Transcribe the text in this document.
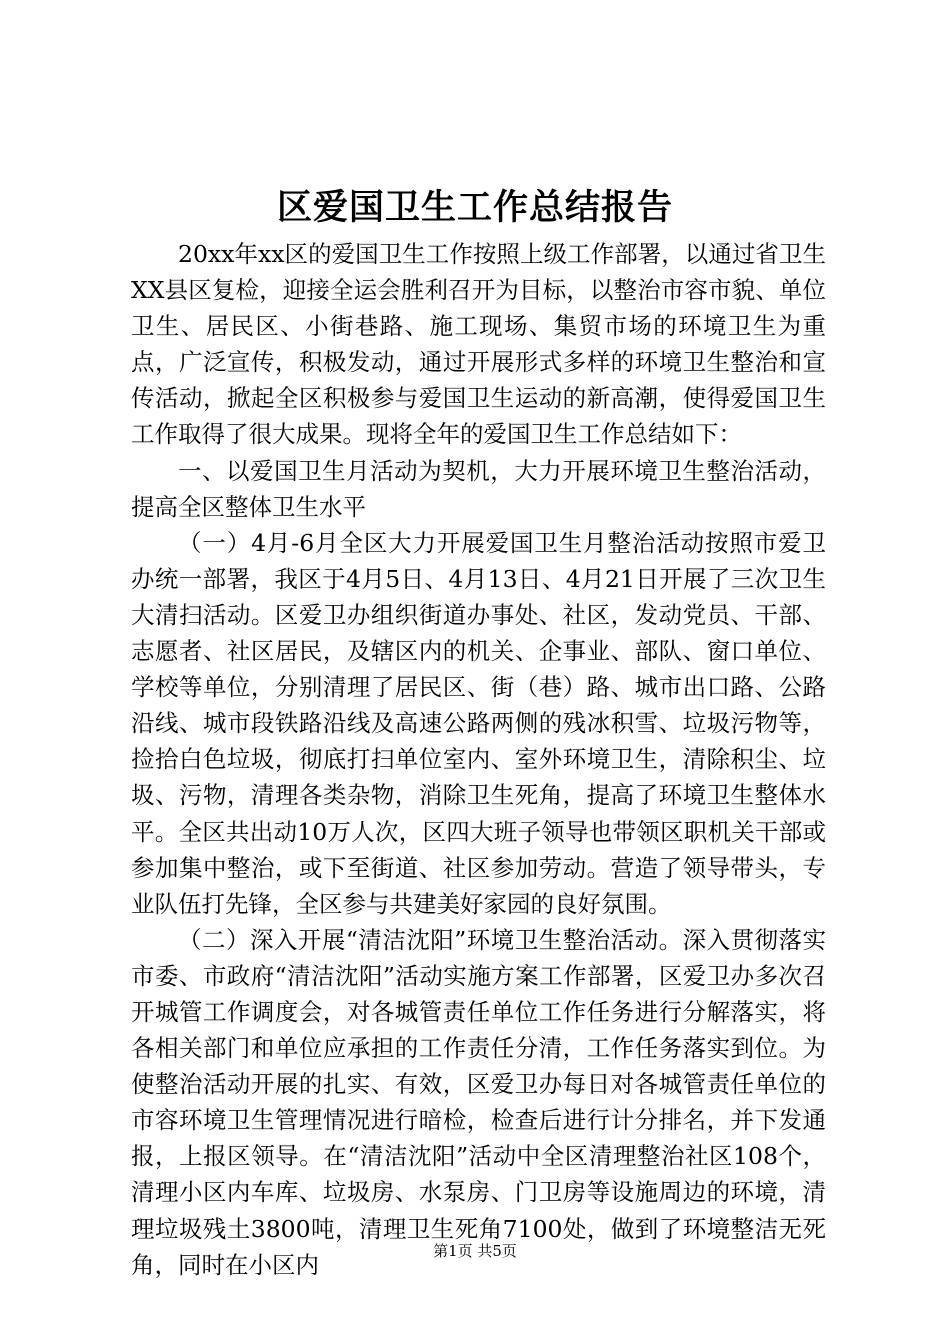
区爱国卫生工作总结报告

20xx年xx区的爱国卫生工作按照上级工作部署，以通过省卫生XX县区复检，迎接全运会胜利召开为目标，以整治市容市貌、单位卫生、居民区、小街巷路、施工现场、集贸市场的环境卫生为重点，广泛宣传，积极发动，通过开展形式多样的环境卫生整治和宣传活动，掀起全区积极参与爱国卫生运动的新高潮，使得爱国卫生工作取得了很大成果。现将全年的爱国卫生工作总结如下：

一、以爱国卫生月活动为契机，大力开展环境卫生整治活动，提高全区整体卫生水平

（一）4月-6月全区大力开展爱国卫生月整治活动按照市爱卫办统一部署，我区于4月5日、4月13日、4月21日开展了三次卫生大清扫活动。区爱卫办组织街道办事处、社区，发动党员、干部、志愿者、社区居民，及辖区内的机关、企事业、部队、窗口单位、学校等单位，分别清理了居民区、街（巷）路、城市出口路、公路沿线、城市段铁路沿线及高速公路两侧的残冰积雪、垃圾污物等，捡拾白色垃圾，彻底打扫单位室内、室外环境卫生，清除积尘、垃圾、污物，清理各类杂物，消除卫生死角，提高了环境卫生整体水平。全区共出动10万人次，区四大班子领导也带领区职机关干部或参加集中整治，或下至街道、社区参加劳动。营造了领导带头，专业队伍打先锋，全区参与共建美好家园的良好氛围。

（二）深入开展“清洁沈阳”环境卫生整治活动。深入贯彻落实市委、市政府“清洁沈阳”活动实施方案工作部署，区爱卫办多次召开城管工作调度会，对各城管责任单位工作任务进行分解落实，将各相关部门和单位应承担的工作责任分清，工作任务落实到位。为使整治活动开展的扎实、有效，区爱卫办每日对各城管责任单位的市容环境卫生管理情况进行暗检，检查后进行计分排名，并下发通报，上报区领导。在“清洁沈阳”活动中全区清理整治社区108个，清理小区内车库、垃圾房、水泵房、门卫房等设施周边的环境，清理垃圾残土3800吨，清理卫生死角7100处，做到了环境整洁无死角，同时在小区内	第1页 共5页
